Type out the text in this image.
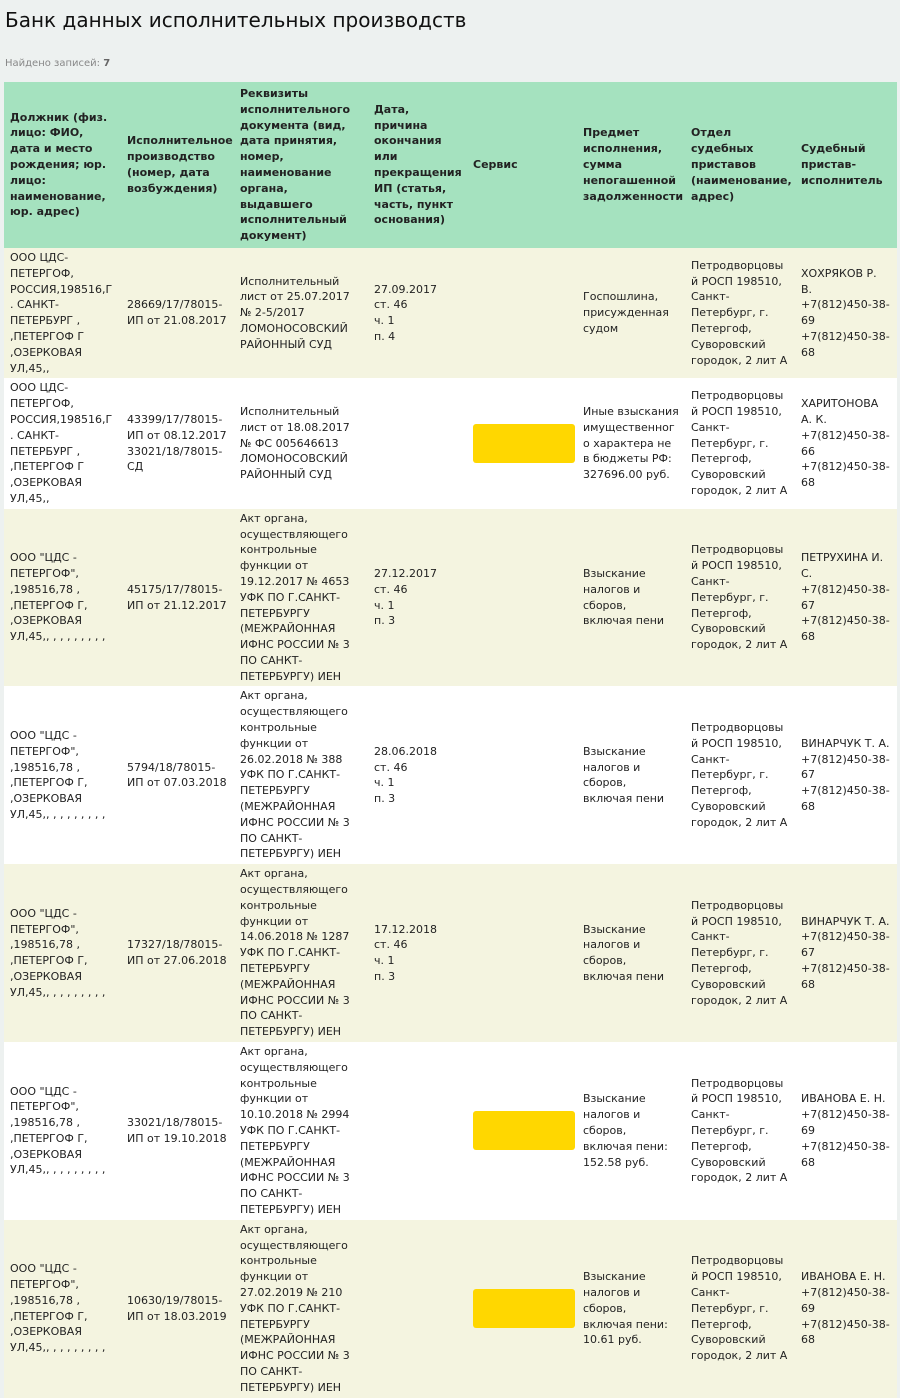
Банк данных исполнительных производств
Найдено записей: 7
Должник (физ. лицо: ФИО, дата и место рождения; юр. лицо: наименование, юр. адрес)	Исполнительное производство (номер, дата возбуждения)	Реквизиты исполнительного документа (вид, дата принятия, номер, наименование органа, выдавшего исполнительный документ)	Дата, причина окончания или прекращения ИП (статья, часть, пункт основания)	Сервис	Предмет исполнения, сумма непогашенной задолженности	Отдел судебных приставов (наименование, адрес)	Судебный пристав-исполнитель
ООО ЦДС-ПЕТЕРГОФ, РОССИЯ,198516,Г. САНКТ-ПЕТЕРБУРГ , ,ПЕТЕРГОФ Г ,ОЗЕРКОВАЯ УЛ,45,,	28669/17/78015-ИП от 21.08.2017	Исполнительный лист от 25.07.2017 № 2-5/2017 ЛОМОНОСОВСКИЙ РАЙОННЫЙ СУД	27.09.2017
ст. 46
ч. 1
п. 4		Госпошлина, присужденная судом	Петродворцовый РОСП 198510, Санкт-Петербург, г. Петергоф, Суворовский городок, 2 лит А	ХОХРЯКОВ Р. В.
+7(812)450-38-69
+7(812)450-38-68

ООО ЦДС-ПЕТЕРГОФ, РОССИЯ,198516,Г. САНКТ-ПЕТЕРБУРГ , ,ПЕТЕРГОФ Г ,ОЗЕРКОВАЯ УЛ,45,,	43399/17/78015-ИП от 08.12.2017
33021/18/78015-СД	Исполнительный лист от 18.08.2017 № ФС 005646613 ЛОМОНОСОВСКИЙ РАЙОННЫЙ СУД			Иные взыскания имущественного характера не в бюджеты РФ: 327696.00 руб.	Петродворцовый РОСП 198510, Санкт-Петербург, г. Петергоф, Суворовский городок, 2 лит А	ХАРИТОНОВА А. К.
+7(812)450-38-66
+7(812)450-38-68

ООО "ЦДС - ПЕТЕРГОФ", ,198516,78 , ,ПЕТЕРГОФ Г, ,ОЗЕРКОВАЯ УЛ,45,, , , , , , , , ,	45175/17/78015-ИП от 21.12.2017	Акт органа, осуществляющего контрольные функции от 19.12.2017 № 4653 УФК ПО Г.САНКТ-ПЕТЕРБУРГУ (МЕЖРАЙОННАЯ ИФНС РОССИИ № 3 ПО САНКТ-ПЕТЕРБУРГУ) ИЕН	27.12.2017
ст. 46
ч. 1
п. 3		Взыскание налогов и сборов, включая пени	Петродворцовый РОСП 198510, Санкт-Петербург, г. Петергоф, Суворовский городок, 2 лит А	ПЕТРУХИНА И. С.
+7(812)450-38-67
+7(812)450-38-68

ООО "ЦДС - ПЕТЕРГОФ", ,198516,78 , ,ПЕТЕРГОФ Г, ,ОЗЕРКОВАЯ УЛ,45,, , , , , , , , ,	5794/18/78015-ИП от 07.03.2018	Акт органа, осуществляющего контрольные функции от 26.02.2018 № 388 УФК ПО Г.САНКТ-ПЕТЕРБУРГУ (МЕЖРАЙОННАЯ ИФНС РОССИИ № 3 ПО САНКТ-ПЕТЕРБУРГУ) ИЕН	28.06.2018
ст. 46
ч. 1
п. 3		Взыскание налогов и сборов, включая пени	Петродворцовый РОСП 198510, Санкт-Петербург, г. Петергоф, Суворовский городок, 2 лит А	ВИНАРЧУК Т. А.
+7(812)450-38-67
+7(812)450-38-68

ООО "ЦДС - ПЕТЕРГОФ", ,198516,78 , ,ПЕТЕРГОФ Г, ,ОЗЕРКОВАЯ УЛ,45,, , , , , , , , ,	17327/18/78015-ИП от 27.06.2018	Акт органа, осуществляющего контрольные функции от 14.06.2018 № 1287 УФК ПО Г.САНКТ-ПЕТЕРБУРГУ (МЕЖРАЙОННАЯ ИФНС РОССИИ № 3 ПО САНКТ-ПЕТЕРБУРГУ) ИЕН	17.12.2018
ст. 46
ч. 1
п. 3		Взыскание налогов и сборов, включая пени	Петродворцовый РОСП 198510, Санкт-Петербург, г. Петергоф, Суворовский городок, 2 лит А	ВИНАРЧУК Т. А.
+7(812)450-38-67
+7(812)450-38-68

ООО "ЦДС - ПЕТЕРГОФ", ,198516,78 , ,ПЕТЕРГОФ Г, ,ОЗЕРКОВАЯ УЛ,45,, , , , , , , , ,	33021/18/78015-ИП от 19.10.2018	Акт органа, осуществляющего контрольные функции от 10.10.2018 № 2994 УФК ПО Г.САНКТ-ПЕТЕРБУРГУ (МЕЖРАЙОННАЯ ИФНС РОССИИ № 3 ПО САНКТ-ПЕТЕРБУРГУ) ИЕН			Взыскание налогов и сборов, включая пени: 152.58 руб.	Петродворцовый РОСП 198510, Санкт-Петербург, г. Петергоф, Суворовский городок, 2 лит А	ИВАНОВА Е. Н.
+7(812)450-38-69
+7(812)450-38-68

ООО "ЦДС - ПЕТЕРГОФ", ,198516,78 , ,ПЕТЕРГОФ Г, ,ОЗЕРКОВАЯ УЛ,45,, , , , , , , , ,	10630/19/78015-ИП от 18.03.2019	Акт органа, осуществляющего контрольные функции от 27.02.2019 № 210 УФК ПО Г.САНКТ-ПЕТЕРБУРГУ (МЕЖРАЙОННАЯ ИФНС РОССИИ № 3 ПО САНКТ-ПЕТЕРБУРГУ) ИЕН			Взыскание налогов и сборов, включая пени: 10.61 руб.	Петродворцовый РОСП 198510, Санкт-Петербург, г. Петергоф, Суворовский городок, 2 лит А	ИВАНОВА Е. Н.
+7(812)450-38-69
+7(812)450-38-68
